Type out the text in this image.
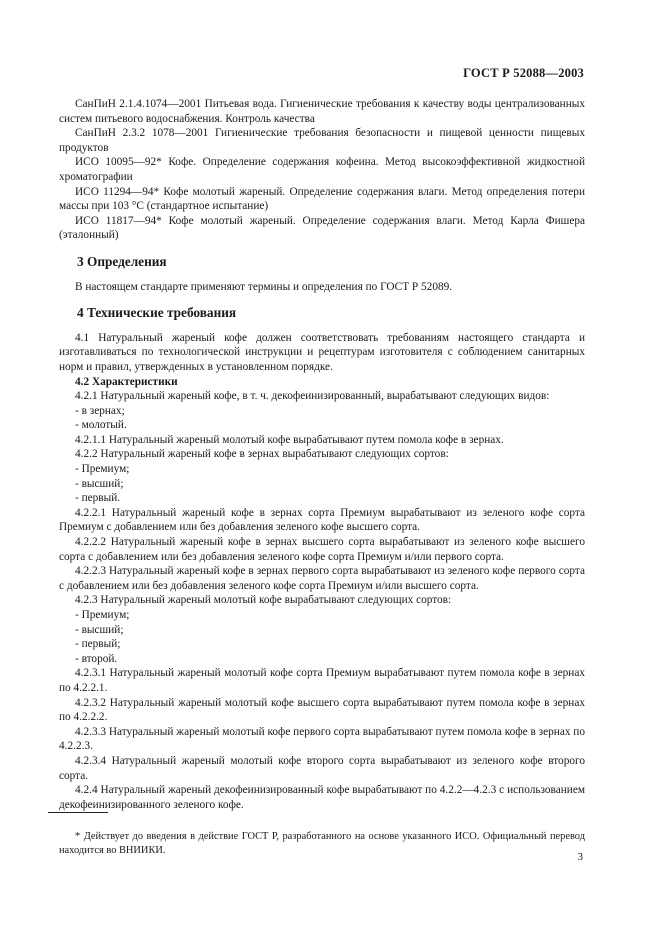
ГОСТ Р 52088—2003

СанПиН 2.1.4.1074—2001 Питьевая вода. Гигиенические требования к качеству воды централизованных систем питьевого водоснабжения. Контроль качества

СанПиН 2.3.2 1078—2001 Гигиенические требования безопасности и пищевой ценности пищевых продуктов

ИСО 10095—92* Кофе. Определение содержания кофеина. Метод высокоэффективной жидкостной хроматографии

ИСО 11294—94* Кофе молотый жареный. Определение содержания влаги. Метод определения потери массы при 103 °С (стандартное испытание)

ИСО 11817—94* Кофе молотый жареный. Определение содержания влаги. Метод Карла Фишера (эталонный)

3 Определения

В настоящем стандарте применяют термины и определения по ГОСТ Р 52089.

4 Технические требования

4.1 Натуральный жареный кофе должен соответствовать требованиям настоящего стандарта и изготавливаться по технологической инструкции и рецептурам изготовителя с соблюдением санитарных норм и правил, утвержденных в установленном порядке.

4.2 Характеристики

4.2.1 Натуральный жареный кофе, в т. ч. декофеинизированный, вырабатывают следующих видов:

- в зернах;
- молотый.

4.2.1.1 Натуральный жареный молотый кофе вырабатывают путем помола кофе в зернах.

4.2.2 Натуральный жареный кофе в зернах вырабатывают следующих сортов:

- Премиум;
- высший;
- первый.

4.2.2.1 Натуральный жареный кофе в зернах сорта Премиум вырабатывают из зеленого кофе сорта Премиум с добавлением или без добавления зеленого кофе высшего сорта.

4.2.2.2 Натуральный жареный кофе в зернах высшего сорта вырабатывают из зеленого кофе высшего сорта с добавлением или без добавления зеленого кофе сорта Премиум и/или первого сорта.

4.2.2.3 Натуральный жареный кофе в зернах первого сорта вырабатывают из зеленого кофе первого сорта с добавлением или без добавления зеленого кофе сорта Премиум и/или высшего сорта.

4.2.3 Натуральный жареный молотый кофе вырабатывают следующих сортов:

- Премиум;
- высший;
- первый;
- второй.

4.2.3.1 Натуральный жареный молотый кофе сорта Премиум вырабатывают путем помола кофе в зернах по 4.2.2.1.

4.2.3.2 Натуральный жареный молотый кофе высшего сорта вырабатывают путем помола кофе в зернах по 4.2.2.2.

4.2.3.3 Натуральный жареный молотый кофе первого сорта вырабатывают путем помола кофе в зернах по 4.2.2.3.

4.2.3.4 Натуральный жареный молотый кофе второго сорта вырабатывают из зеленого кофе второго сорта.

4.2.4 Натуральный жареный декофеинизированный кофе вырабатывают по 4.2.2—4.2.3 с использованием декофеинизированного зеленого кофе.

* Действует до введения в действие ГОСТ Р, разработанного на основе указанного ИСО. Официальный перевод находится во ВНИИКИ.

3
